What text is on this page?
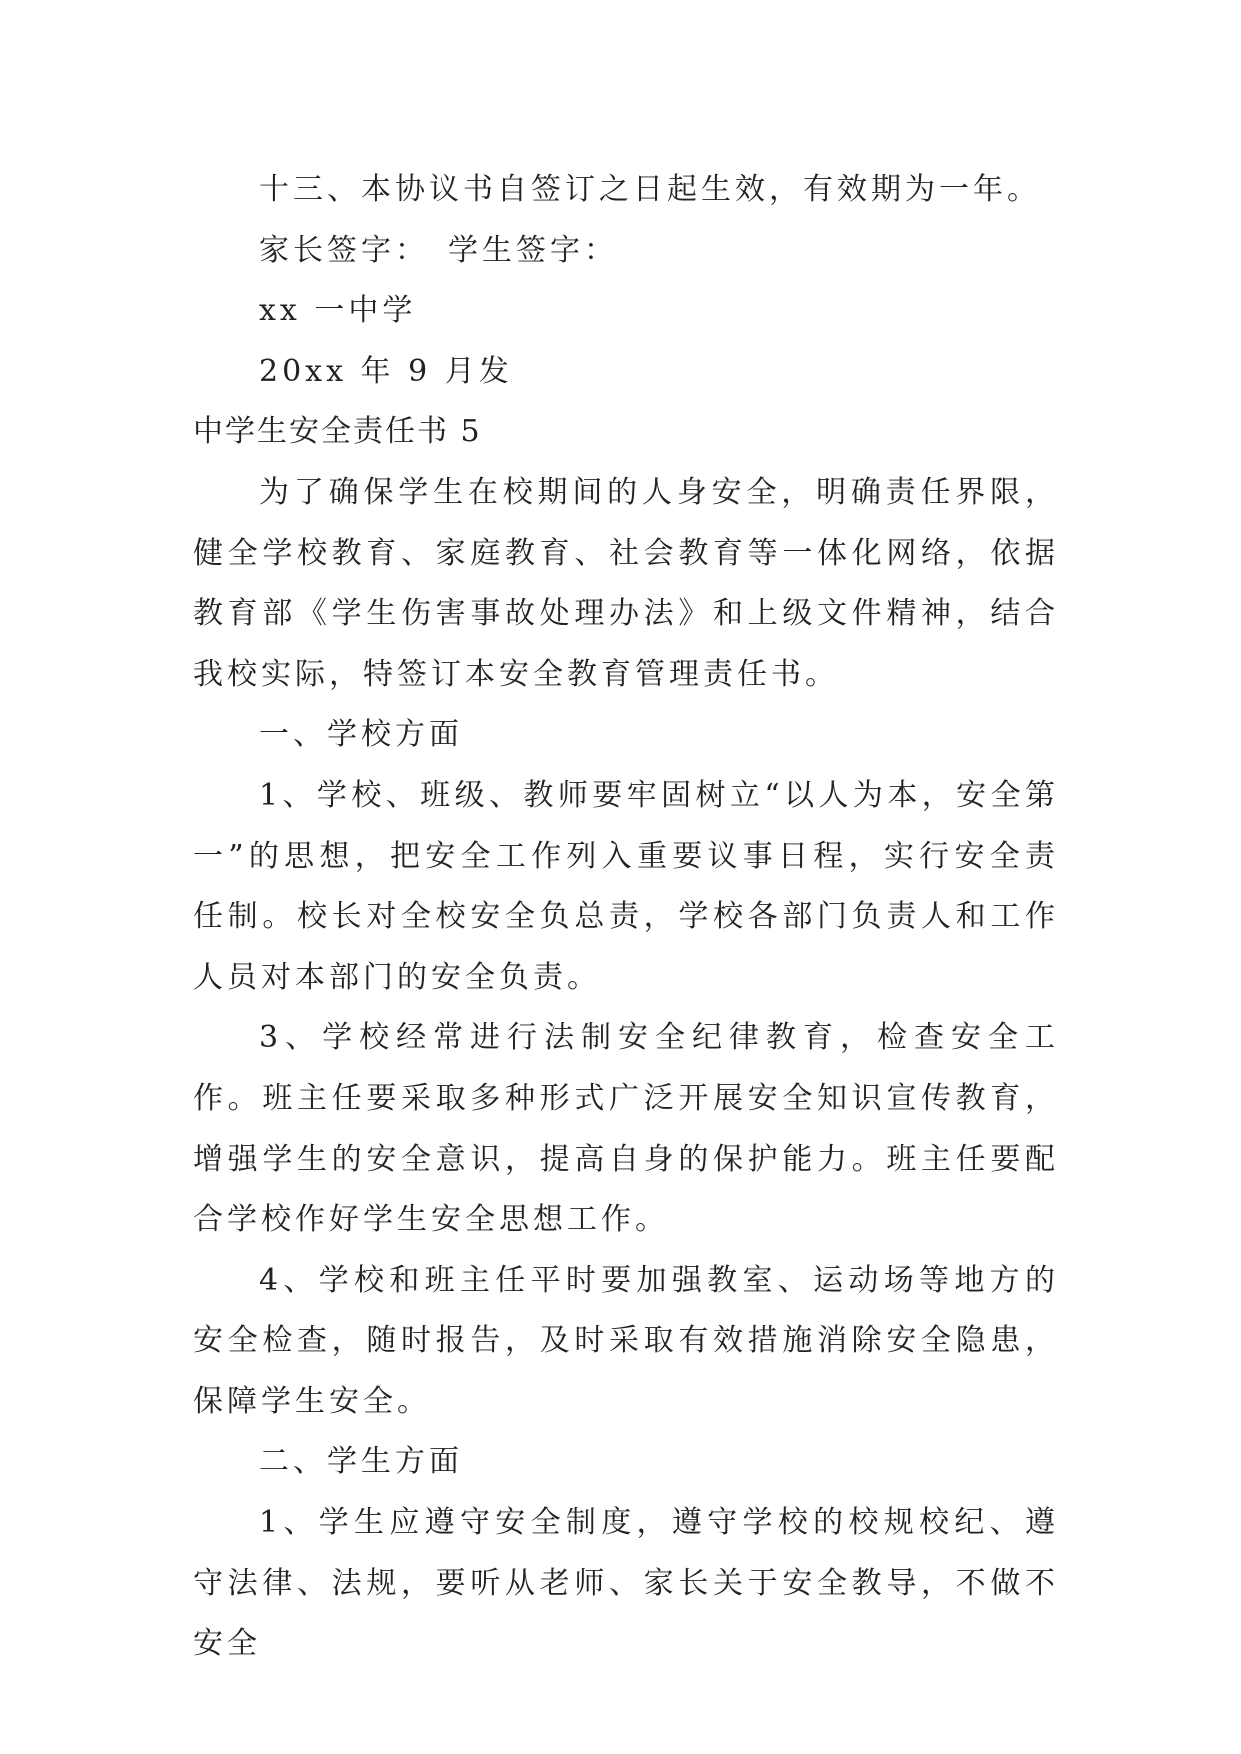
十三、本协议书自签订之日起生效，有效期为一年。
家长签字：　学生签字：
xx 一中学
20xx 年 9 月发
中学生安全责任书 5

为了确保学生在校期间的人身安全，明确责任界限，健全学校教育、家庭教育、社会教育等一体化网络，依据教育部《学生伤害事故处理办法》和上级文件精神，结合我校实际，特签订本安全教育管理责任书。

一、学校方面

1、学校、班级、教师要牢固树立“以人为本，安全第一”的思想，把安全工作列入重要议事日程，实行安全责任制。校长对全校安全负总责，学校各部门负责人和工作人员对本部门的安全负责。

3、学校经常进行法制安全纪律教育，检查安全工作。班主任要采取多种形式广泛开展安全知识宣传教育，增强学生的安全意识，提高自身的保护能力。班主任要配合学校作好学生安全思想工作。

4、学校和班主任平时要加强教室、运动场等地方的安全检查，随时报告，及时采取有效措施消除安全隐患，保障学生安全。

二、学生方面

1、学生应遵守安全制度，遵守学校的校规校纪、遵守法律、法规，要听从老师、家长关于安全教导，不做不安全
